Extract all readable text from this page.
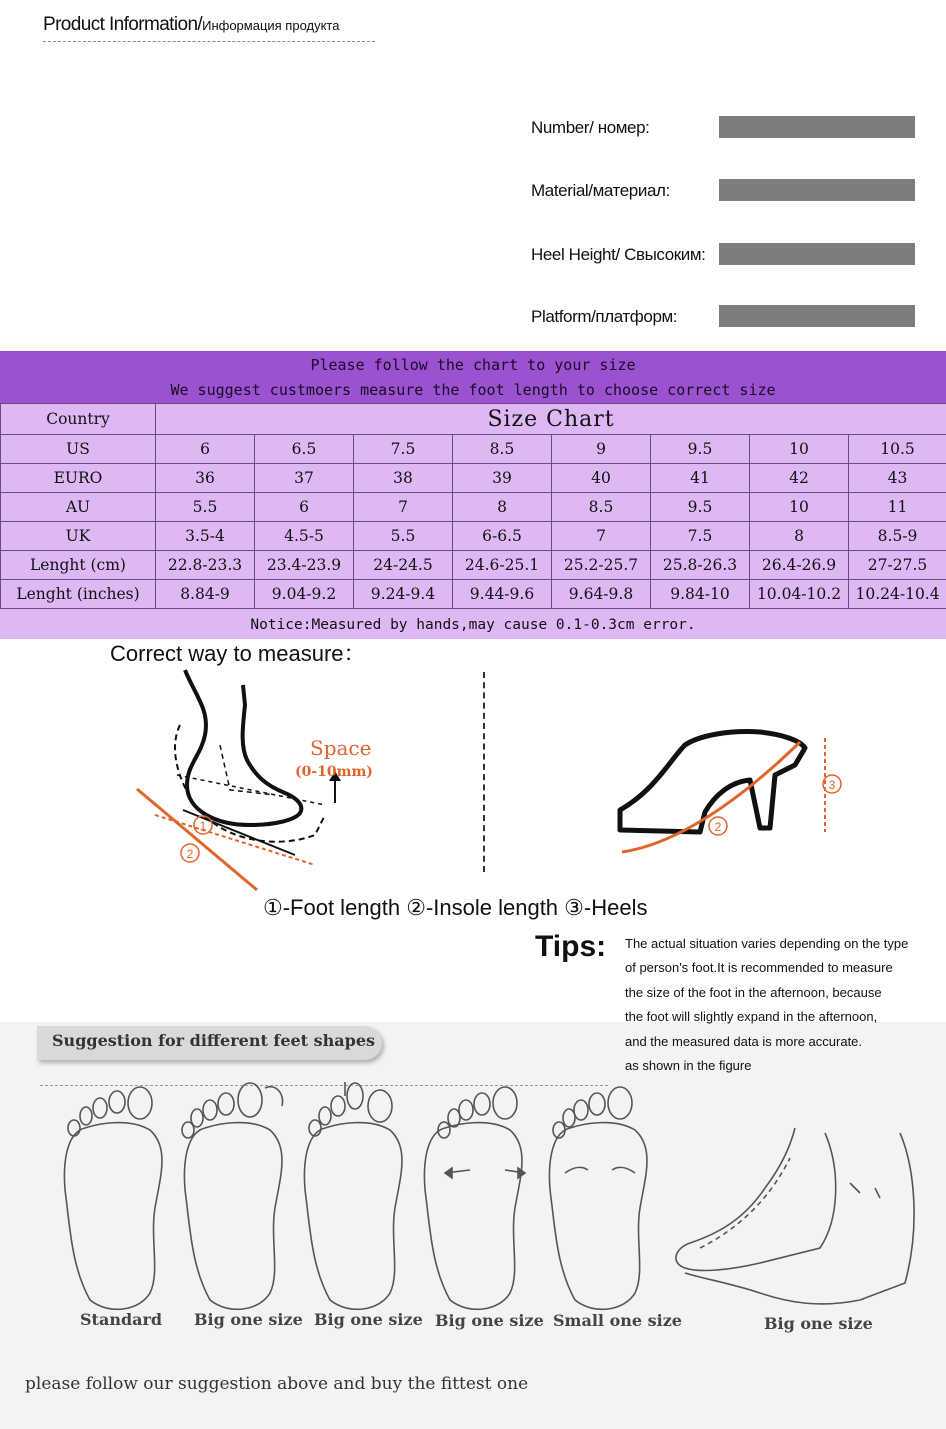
Product Information/Информация продукта
Number/ номер:
Material/материал:
Heel Height/ Свысоким:
Platform/платформ:
Please follow the chart to your size
We suggest custmoers measure the foot length to choose correct size
Country	Size Chart							
US	6	6.5	7.5	8.5	9	9.5	10	10.5
EURO	36	37	38	39	40	41	42	43
AU	5.5	6	7	8	8.5	9.5	10	11
UK	3.5-4	4.5-5	5.5	6-6.5	7	7.5	8	8.5-9
Lenght (cm)	22.8-23.3	23.4-23.9	24-24.5	24.6-25.1	25.2-25.7	25.8-26.3	26.4-26.9	27-27.5
Lenght (inches)	8.84-9	9.04-9.2	9.24-9.4	9.44-9.6	9.64-9.8	9.84-10	10.04-10.2	10.24-10.4
Notice:Measured by hands,may cause 0.1-0.3cm error.
Correct way to measure：
1
2
Space
(0-10mm)
2
3
①-Foot length ②-Insole length ③-Heels
Suggestion for different feet shapes
Tips: The actual situation varies depending on the type
of person's foot.It is recommended to measure
the size of the foot in the afternoon, because
the foot will slightly expand in the afternoon,
and the measured data is more accurate.
as shown in the figure
Standard Big one size Big one size Big one size Small one size	Big one size
please follow our suggestion above and buy the fittest one
